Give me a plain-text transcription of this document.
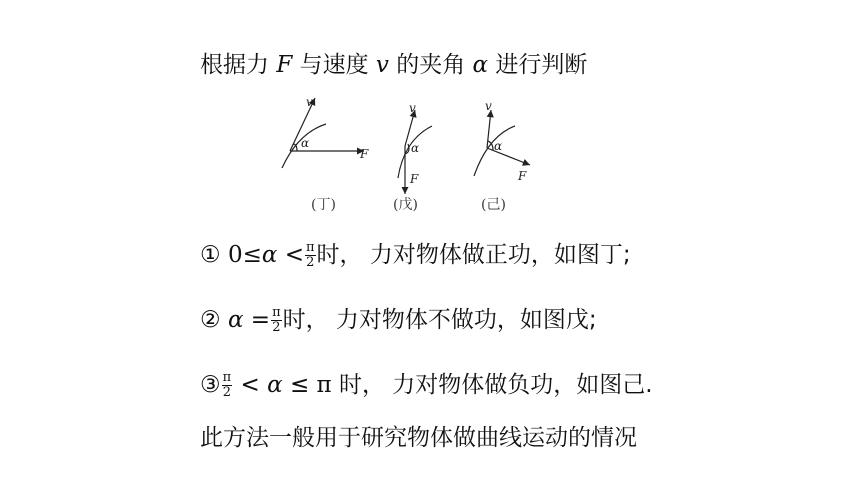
根据力 F 与速度 v 的夹角 α 进行判断
v
α
F
v
α
F
v
α
F
(丁)	(戊)	(己)
① $0\le\alpha < \frac{\pi}{2}$ 时， 力对物体做正功，如图丁;
② $\alpha = \frac{\pi}{2}$ 时， 力对物体不做功，如图戊;
③ $\frac{\pi}{2} < \alpha \le \pi$ 时， 力对物体做负功，如图己.
此方法一般用于研究物体做曲线运动的情况
